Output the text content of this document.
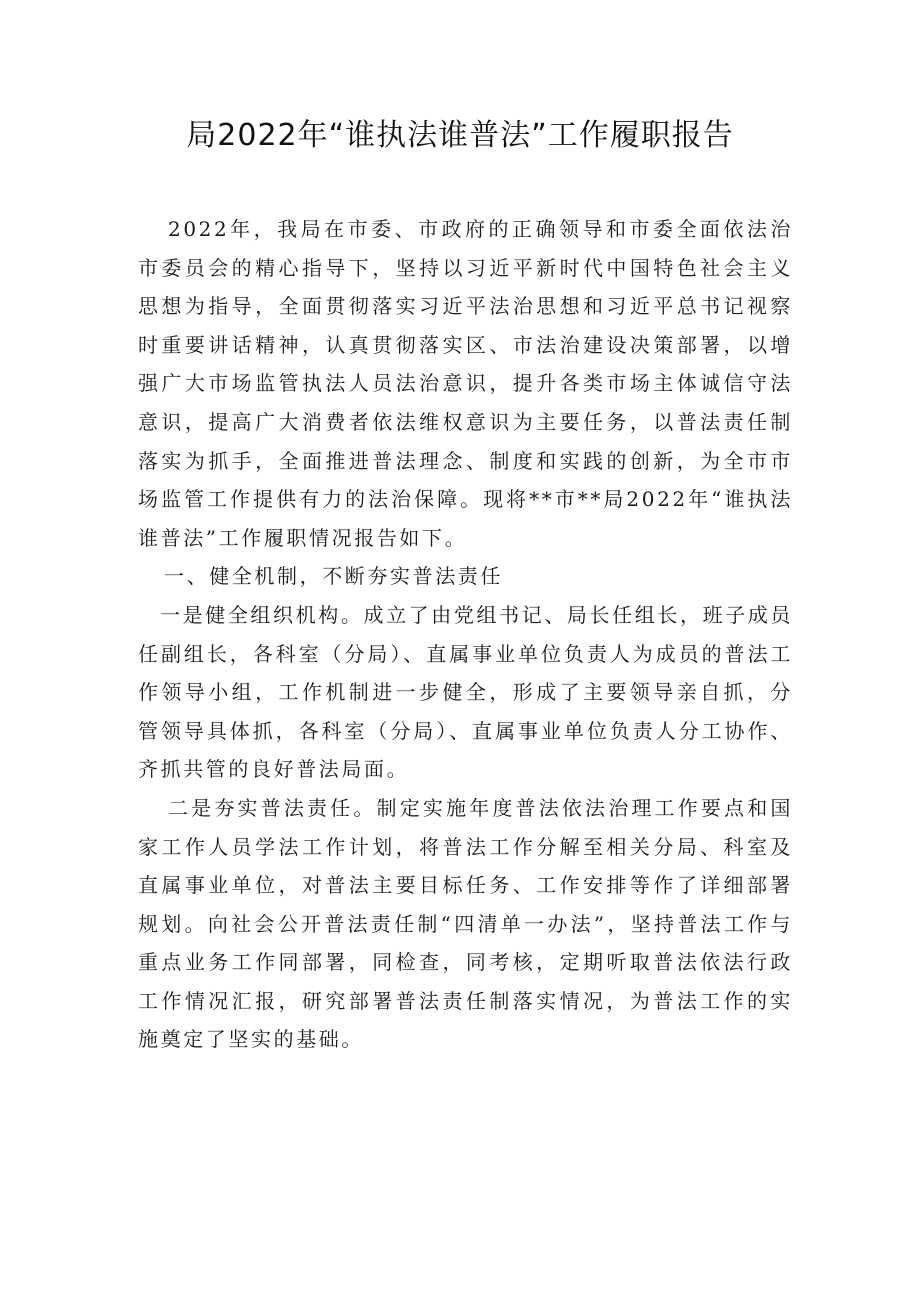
局2022年“谁执法谁普法”工作履职报告

2022年，我局在市委、市政府的正确领导和市委全面依法治市委员会的精心指导下，坚持以习近平新时代中国特色社会主义思想为指导，全面贯彻落实习近平法治思想和习近平总书记视察时重要讲话精神，认真贯彻落实区、市法治建设决策部署，以增强广大市场监管执法人员法治意识，提升各类市场主体诚信守法意识，提高广大消费者依法维权意识为主要任务，以普法责任制落实为抓手，全面推进普法理念、制度和实践的创新，为全市市场监管工作提供有力的法治保障。现将**市**局2022年“谁执法谁普法”工作履职情况报告如下。

一、健全机制，不断夯实普法责任

一是健全组织机构。成立了由党组书记、局长任组长，班子成员任副组长，各科室（分局）、直属事业单位负责人为成员的普法工作领导小组，工作机制进一步健全，形成了主要领导亲自抓，分管领导具体抓，各科室（分局）、直属事业单位负责人分工协作、齐抓共管的良好普法局面。

二是夯实普法责任。制定实施年度普法依法治理工作要点和国家工作人员学法工作计划，将普法工作分解至相关分局、科室及直属事业单位，对普法主要目标任务、工作安排等作了详细部署规划。向社会公开普法责任制“四清单一办法”，坚持普法工作与重点业务工作同部署，同检查，同考核，定期听取普法依法行政工作情况汇报，研究部署普法责任制落实情况，为普法工作的实施奠定了坚实的基础。
